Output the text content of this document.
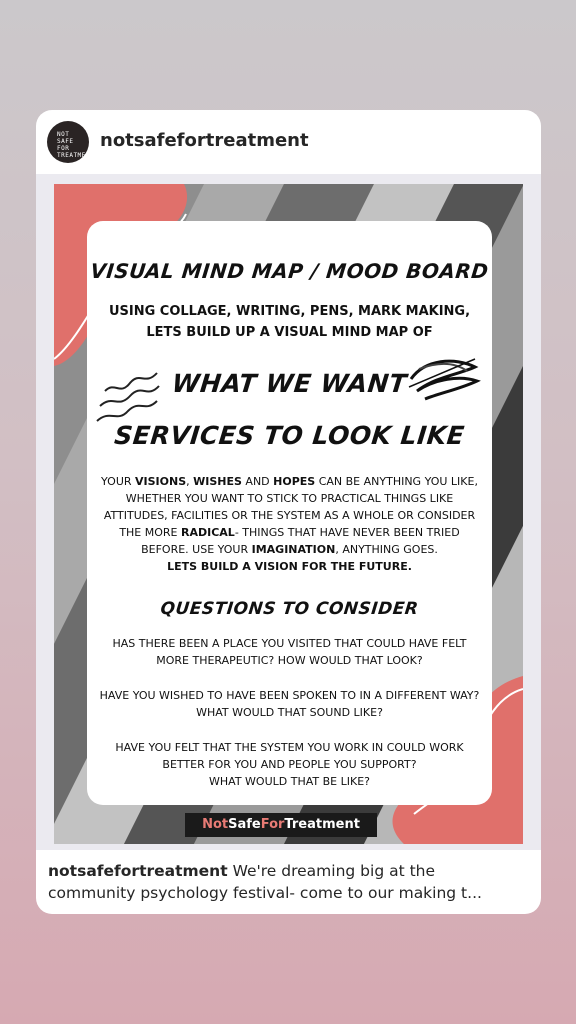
NOT SAFE FOR TREATMENT
notsafefortreatment
VISUAL MIND MAP / MOOD BOARD
USING COLLAGE, WRITING, PENS, MARK MAKING,
LETS BUILD UP A VISUAL MIND MAP OF
WHAT WE WANT
SERVICES TO LOOK LIKE
YOUR VISIONS, WISHES AND HOPES CAN BE ANYTHING YOU LIKE,
WHETHER YOU WANT TO STICK TO PRACTICAL THINGS LIKE
ATTITUDES, FACILITIES OR THE SYSTEM AS A WHOLE OR CONSIDER
THE MORE RADICAL- THINGS THAT HAVE NEVER BEEN TRIED
BEFORE. USE YOUR IMAGINATION, ANYTHING GOES.
LETS BUILD A VISION FOR THE FUTURE.
QUESTIONS TO CONSIDER
HAS THERE BEEN A PLACE YOU VISITED THAT COULD HAVE FELT
MORE THERAPEUTIC? HOW WOULD THAT LOOK?
HAVE YOU WISHED TO HAVE BEEN SPOKEN TO IN A DIFFERENT WAY?
WHAT WOULD THAT SOUND LIKE?
HAVE YOU FELT THAT THE SYSTEM YOU WORK IN COULD WORK
BETTER FOR YOU AND PEOPLE YOU SUPPORT?
WHAT WOULD THAT BE LIKE?
NotSafeForTreatment
notsafefortreatment We're dreaming big at the
community psychology festival- come to our making t...
